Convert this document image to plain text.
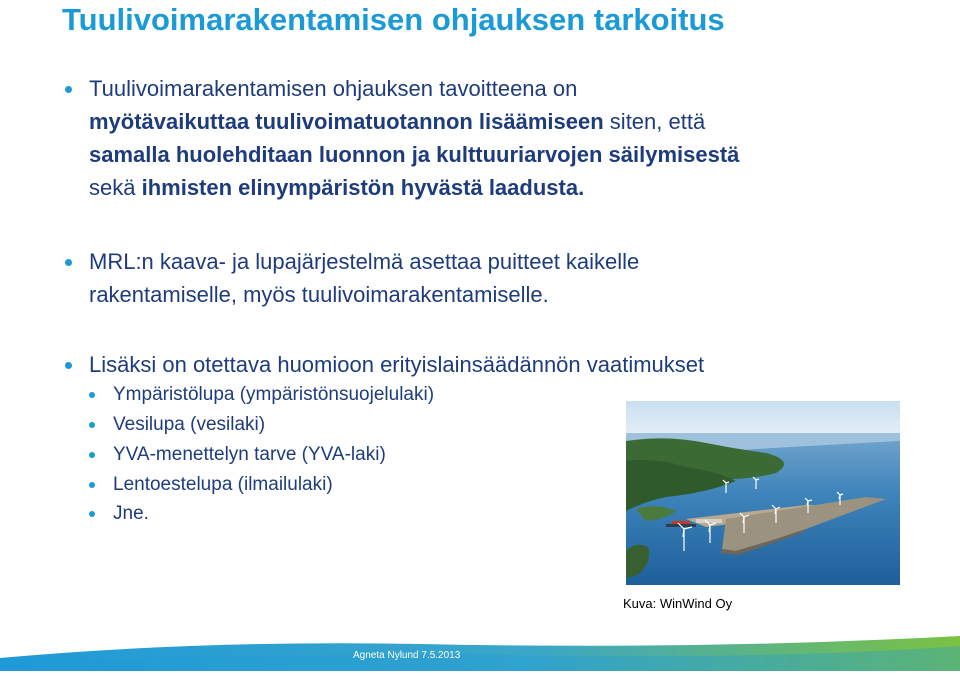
Tuulivoimarakentamisen ohjauksen tarkoitus
Tuulivoimarakentamisen ohjauksen tavoitteena on
myötävaikuttaa tuulivoimatuotannon lisäämiseen siten, että
samalla huolehditaan luonnon ja kulttuuriarvojen säilymisestä
sekä ihmisten elinympäristön hyvästä laadusta.
MRL:n kaava- ja lupajärjestelmä asettaa puitteet kaikelle
rakentamiselle, myös tuulivoimarakentamiselle.
Lisäksi on otettava huomioon erityislainsäädännön vaatimukset
Ympäristölupa (ympäristönsuojelulaki)
Vesilupa (vesilaki)
YVA-menettelyn tarve (YVA-laki)
Lentoestelupa (ilmailulaki)
Jne.
Kuva: WinWind Oy
Agneta Nylund 7.5.2013
